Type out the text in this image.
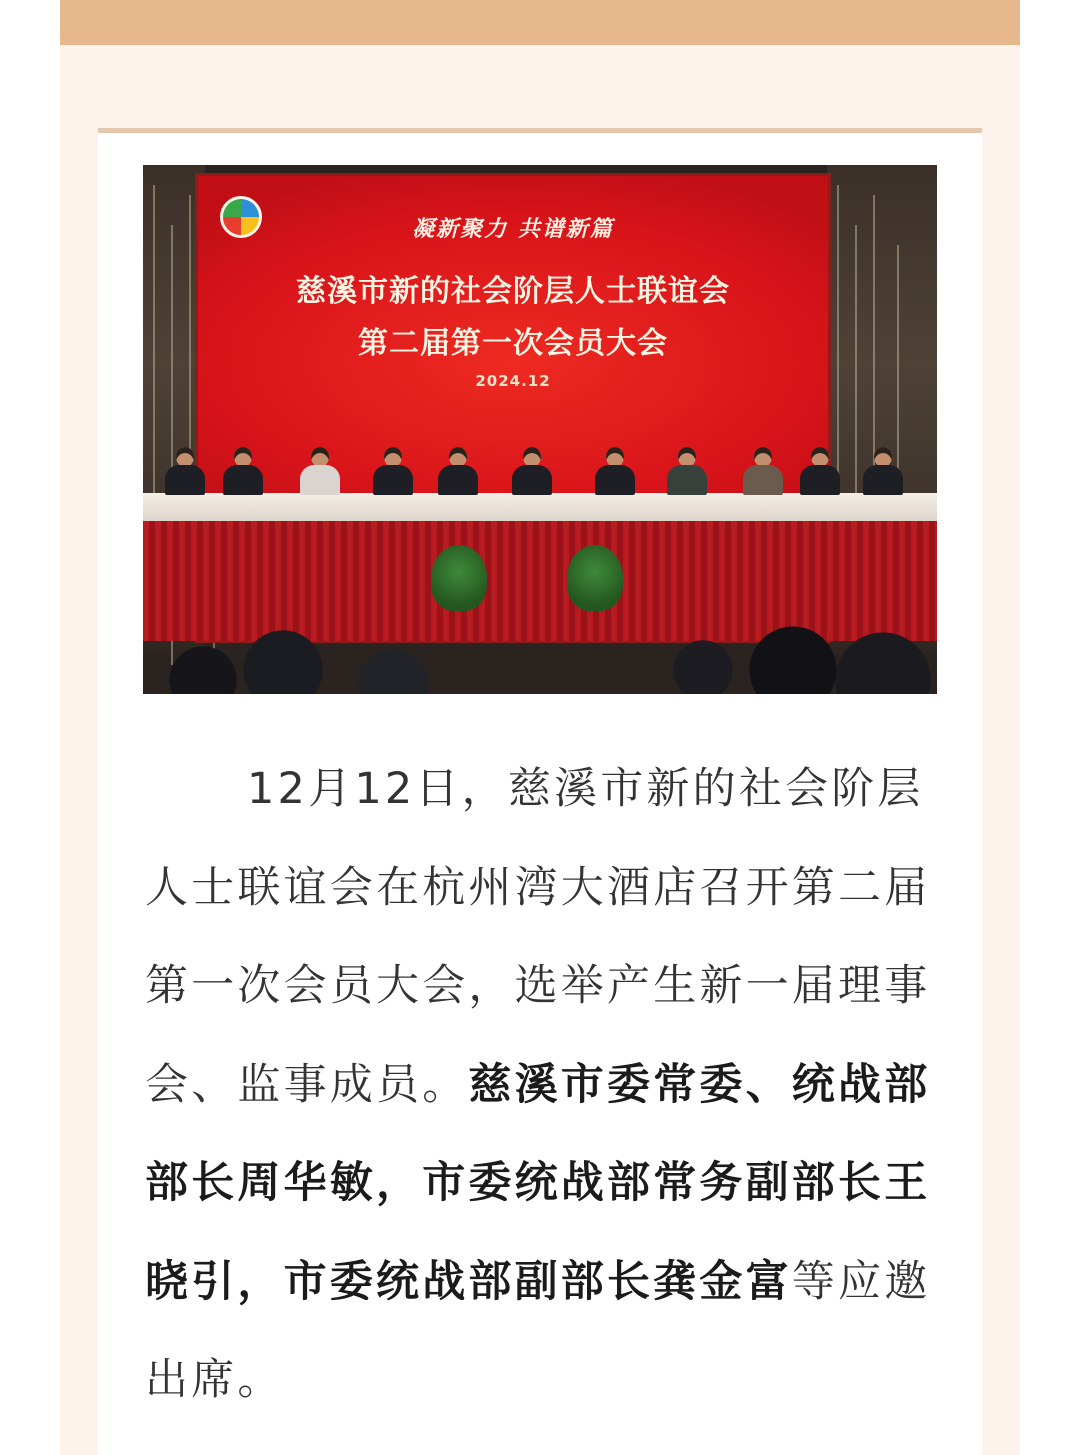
凝新聚力 共谱新篇
慈溪市新的社会阶层人士联谊会
第二届第一次会员大会
2024.12

12月12日，慈溪市新的社会阶层人士联谊会在杭州湾大酒店召开第二届第一次会员大会，选举产生新一届理事会、监事成员。慈溪市委常委、统战部部长周华敏，市委统战部常务副部长王晓引，市委统战部副部长龚金富等应邀出席。
